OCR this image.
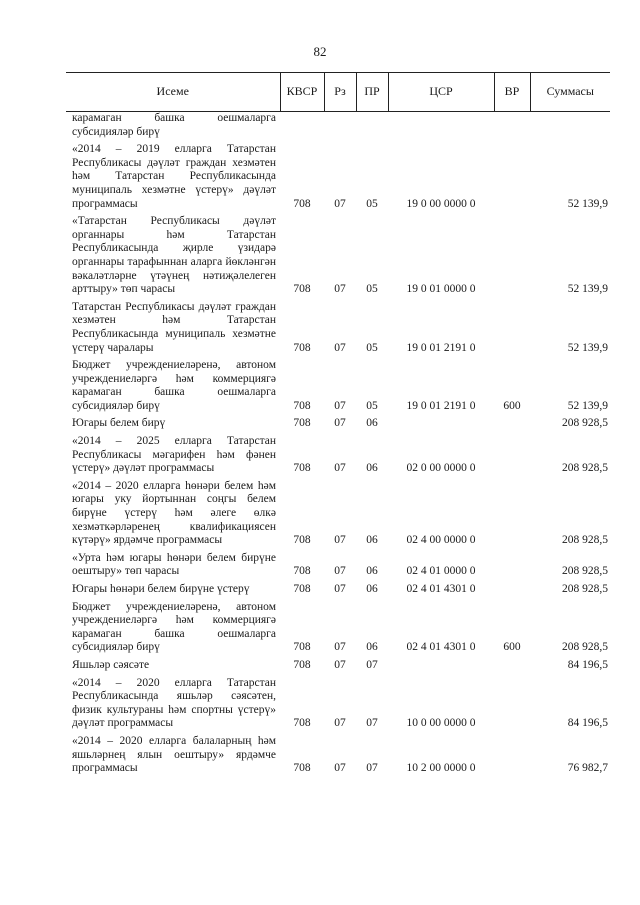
82
Исеме	КВСР	Рз	ПР	ЦСР	ВР	Суммасы
карамаган башка оешмаларга субсидияләр бирү						
«2014 – 2019 елларга Татарстан Республикасы дәүләт граждан хезмәтен һәм Татарстан Республикасында муниципаль хезмәтне үстерү» дәүләт программасы	708	07	05	19 0 00 0000 0		52 139,9
«Татарстан Республикасы дәүләт органнары һәм Татарстан Республикасында җирле үзидарә органнары тарафыннан аларга йөкләнгән вәкаләтләрне үтәүнең нәтиҗәлелеген арттыру» төп чарасы	708	07	05	19 0 01 0000 0		52 139,9
Татарстан Республикасы дәүләт граждан хезмәтен һәм Татарстан Республикасында муниципаль хезмәтне үстерү чаралары	708	07	05	19 0 01 2191 0		52 139,9
Бюджет учреждениеләренә, автоном учреждениеләргә һәм коммерциягә карамаган башка оешмаларга субсидияләр бирү	708	07	05	19 0 01 2191 0	600	52 139,9
Югары белем бирү	708	07	06			208 928,5
«2014 – 2025 елларга Татарстан Республикасы мәгарифен һәм фәнен үстерү» дәүләт программасы	708	07	06	02 0 00 0000 0		208 928,5
«2014 – 2020 елларга һөнәри белем һәм югары уку йортыннан соңгы белем бирүне үстерү һәм әлеге өлкә хезмәткәрләренең квалификациясен күтәрү» ярдәмче программасы	708	07	06	02 4 00 0000 0		208 928,5
«Урта һәм югары һөнәри белем бирүне оештыру» төп чарасы	708	07	06	02 4 01 0000 0		208 928,5
Югары һөнәри белем бирүне үстерү	708	07	06	02 4 01 4301 0		208 928,5
Бюджет учреждениеләренә, автоном учреждениеләргә һәм коммерциягә карамаган башка оешмаларга субсидияләр бирү	708	07	06	02 4 01 4301 0	600	208 928,5
Яшьләр сәясәте	708	07	07			84 196,5
«2014 – 2020 елларга Татарстан Республикасында яшьләр сәясәтен, физик культураны һәм спортны үстерү» дәүләт программасы	708	07	07	10 0 00 0000 0		84 196,5
«2014 – 2020 елларга балаларның һәм яшьләрнең ялын оештыру» ярдәмче программасы	708	07	07	10 2 00 0000 0		76 982,7
